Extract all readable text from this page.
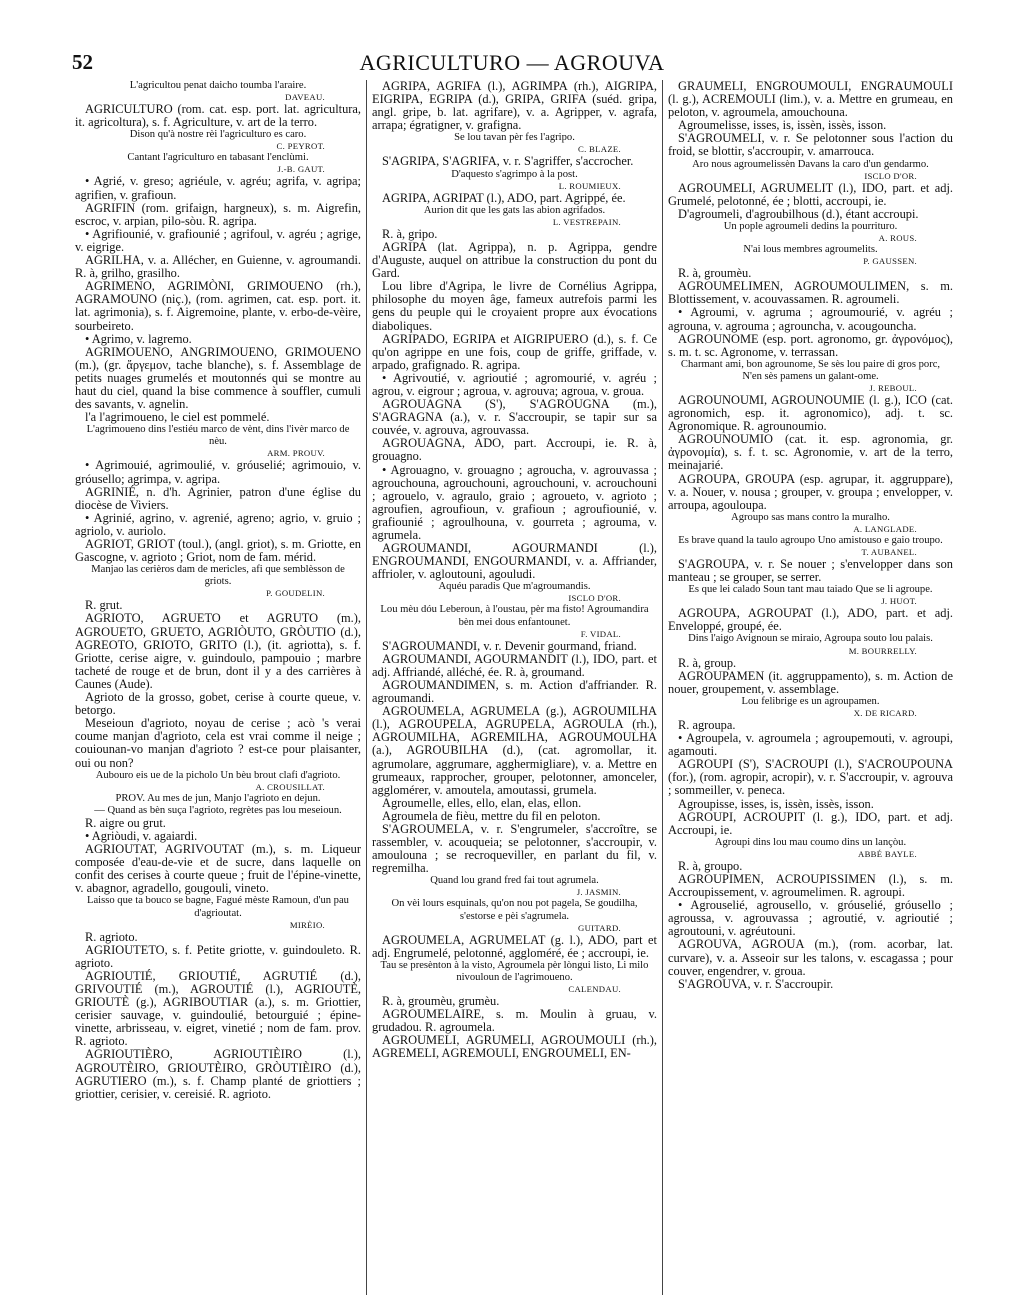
52	AGRICULTURO — AGROUVA

L'agricultou penat daicho toumba l'araire.

DAVEAU.

AGRICULTURO (rom. cat. esp. port. lat. agricultura, it. agricoltura), s. f. Agriculture, v. art de la terro.

Dison qu'à nostre rèi l'agriculturo es caro.

C. PEYROT.

Cantant l'agriculturo en tabasant l'enclùmi.

J.-B. GAUT.

• Agrié, v. greso; agriéule, v. agréu; agrifa, v. agripa; agrifien, v. grafioun.

AGRIFIN (rom. grifaign, hargneux), s. m. Aigrefin, escroc, v. arpian, pilo-sòu. R. agripa.

• Agrifiounié, v. grafiounié ; agrifoul, v. agréu ; agrige, v. eigrige.

AGRILHA, v. a. Allécher, en Guienne, v. agroumandi. R. à, grilho, grasilho.

AGRIMENO, AGRIMÒNI, GRIMOUENO (rh.), AGRAMOUNO (niç.), (rom. agrimen, cat. esp. port. it. lat. agrimonia), s. f. Aigremoine, plante, v. erbo-de-vèire, sourbeireto.

• Agrimo, v. lagremo.

AGRIMOUENO, ANGRIMOUENO, GRIMOUENO (m.), (gr. ἄργεμον, tache blanche), s. f. Assemblage de petits nuages grumelés et moutonnés qui se montre au haut du ciel, quand la bise commence à souffler, cumuli des savants, v. agnelin.

l'a l'agrimoueno, le ciel est pommelé.

L'agrimoueno dins l'estiéu marco de vènt, dins l'ivèr marco de nèu.

ARM. PROUV.

• Agrimouié, agrimoulié, v. gróuselié; agrimouio, v. gróusello; agrimpa, v. agripa.

AGRINIÉ, n. d'h. Agrinier, patron d'une église du diocèse de Viviers.

• Agrinié, agrino, v. agrenié, agreno; agrio, v. gruio ; agriolo, v. auriolo.

AGRIOT, GRIOT (toul.), (angl. griot), s. m. Griotte, en Gascogne, v. agrioto ; Griot, nom de fam. mérid.

Manjao las cerièros dam de mericles, afi que semblèsson de griots.

P. GOUDELIN.

R. grut.

AGRIOTO, AGRUETO et AGRUTO (m.), AGROUETO, GRUETO, AGRIÒUTO, GRÒUTIO (d.), AGREOTO, GRIOTO, GRITO (l.), (it. agriotta), s. f. Griotte, cerise aigre, v. guindoulo, pampouio ; marbre tacheté de rouge et de brun, dont il y a des carrières à Caunes (Aude).

Agrioto de la grosso, gobet, cerise à courte queue, v. betorgo.

Meseioun d'agrioto, noyau de cerise ; acò 's verai coume manjan d'agrioto, cela est vrai comme il neige ; couiounan-vo manjan d'agrioto ? est-ce pour plaisanter, oui ou non?

Aubouro eis ue de la picholo Un bèu brout clafi d'agrioto.

A. CROUSILLAT.

PROV. Au mes de jun, Manjo l'agrioto en dejun.

— Quand as bèn suça l'agrioto, regrètes pas lou meseioun.

R. aigre ou grut.

• Agriòudi, v. agaiardi.

AGRIOUTAT, AGRIVOUTAT (m.), s. m. Liqueur composée d'eau-de-vie et de sucre, dans laquelle on confit des cerises à courte queue ; fruit de l'épine-vinette, v. abagnor, agradello, gougouli, vineto.

Laisso que ta bouco se bagne, Fagué mèste Ramoun, d'un pau d'agrioutat.

MIRÈIO.

R. agrioto.

AGRIOUTETO, s. f. Petite griotte, v. guindouleto. R. agrioto.

AGRIOUTIÉ, GRIOUTIÉ, AGRUTIÉ (d.), GRIVOUTIÉ (m.), AGROUTIÉ (l.), AGRIOUTÈ, GRIOUTÈ (g.), AGRIBOUTIAR (a.), s. m. Griottier, cerisier sauvage, v. guindoulié, betourguié ; épine-vinette, arbrisseau, v. eigret, vinetié ; nom de fam. prov. R. agrioto.

AGRIOUTIÈRO, AGRIOUTIÈIRO (l.), AGROUTÈIRO, GRIOUTÈIRO, GRÒUTIÈIRO (d.), AGRUTIERO (m.), s. f. Champ planté de griottiers ; griottier, cerisier, v. cereisié. R. agrioto.

AGRIPA, AGRIFA (l.), AGRIMPA (rh.), AIGRIPA, EIGRIPA, EGRIPA (d.), GRIPA, GRIFA (suéd. gripa, angl. gripe, b. lat. agrifare), v. a. Agripper, v. agrafa, arrapa; égratigner, v. grafigna.

Se lou tavan pèr fes l'agripo.

C. BLAZE.

S'AGRIPA, S'AGRIFA, v. r. S'agriffer, s'accrocher.

D'aquesto s'agrimpo à la post.

L. ROUMIEUX.

AGRIPA, AGRIPAT (l.), ADO, part. Agrippé, ée.

Aurion dit que les gats las abion agrifados.

L. VESTREPAIN.

R. à, gripo.

AGRIPA (lat. Agrippa), n. p. Agrippa, gendre d'Auguste, auquel on attribue la construction du pont du Gard.

Lou libre d'Agripa, le livre de Cornélius Agrippa, philosophe du moyen âge, fameux autrefois parmi les gens du peuple qui le croyaient propre aux évocations diaboliques.

AGRIPADO, EGRIPA et AIGRIPUERO (d.), s. f. Ce qu'on agrippe en une fois, coup de griffe, griffade, v. arpado, grafignado. R. agripa.

• Agrivoutié, v. agrioutié ; agromourié, v. agréu ; agrou, v. eigrour ; agroua, v. agrouva; agroua, v. groua.

AGROUAGNA (S'), S'AGROUGNA (m.), S'AGRAGNA (a.), v. r. S'accroupir, se tapir sur sa couvée, v. agrouva, agrouvassa.

AGROUAGNA, ADO, part. Accroupi, ie. R. à, grouagno.

• Agrouagno, v. grouagno ; agroucha, v. agrouvassa ; agrouchouna, agrouchouni, agrouchouni, v. acrouchouni ; agrouelo, v. agraulo, graio ; agroueto, v. agrioto ; agroufien, agroufioun, v. grafioun ; agroufiounié, v. grafiounié ; agroulhouna, v. gourreta ; agrouma, v. agrumela.

AGROUMANDI, AGOURMANDI (l.), ENGROUMANDI, ENGOURMANDI, v. a. Affriander, affrioler, v. agloutouni, agouludi.

Aquéu paradis Que m'agroumandis.

ISCLO D'OR.

Lou mèu dóu Leberoun, à l'oustau, pèr ma fisto! Agroumandira bèn mei dous enfantounet.

F. VIDAL.

S'AGROUMANDI, v. r. Devenir gourmand, friand.

AGROUMANDI, AGOURMANDIT (l.), IDO, part. et adj. Affriandé, alléché, ée. R. à, groumand.

AGROUMANDIMEN, s. m. Action d'affriander. R. agroumandi.

AGROUMELA, AGRUMELA (g.), AGROUMILHA (l.), AGROUPELA, AGRUPELA, AGROULA (rh.), AGROUMILHA, AGREMILHA, AGROUMOULHA (a.), AGROUBILHA (d.), (cat. agromollar, it. agrumolare, aggrumare, agghermigliare), v. a. Mettre en grumeaux, rapprocher, grouper, pelotonner, amonceler, agglomérer, v. amoutela, amoutassi, grumela.

Agroumelle, elles, ello, elan, elas, ellon.

Agroumela de fièu, mettre du fil en peloton.

S'AGROUMELA, v. r. S'engrumeler, s'accroître, se rassembler, v. acouqueia; se pelotonner, s'accroupir, v. amoulouna ; se recroqueviller, en parlant du fil, v. regremilha.

Quand lou grand fred fai tout agrumela.

J. JASMIN.

On vèi lours esquinals, qu'on nou pot pagela, Se goudilha, s'estorse e pèi s'agrumela.

GUITARD.

AGROUMELA, AGRUMELAT (g. l.), ADO, part et adj. Engrumelé, pelotonné, aggloméré, ée ; accroupi, ie.

Tau se presènton à la visto, Agroumela pèr lòngui listo, Li milo nivouloun de l'agrimoueno.

CALENDAU.

R. à, groumèu, grumèu.

AGROUMELAIRE, s. m. Moulin à gruau, v. grudadou. R. agroumela.

AGROUMELI, AGRUMELI, AGROUMOULI (rh.), AGREMELI, AGREMOULI, ENGROUMELI, EN-

GRAUMELI, ENGROUMOULI, ENGRAUMOULI (l. g.), ACREMOULI (lim.), v. a. Mettre en grumeau, en peloton, v. agroumela, amouchouna.

Agroumelisse, isses, is, issèn, issès, isson.

S'AGROUMELI, v. r. Se pelotonner sous l'action du froid, se blottir, s'accroupir, v. amarrouca.

Aro nous agroumelissèn Davans la caro d'un gendarmo.

ISCLO D'OR.

AGROUMELI, AGRUMELIT (l.), IDO, part. et adj. Grumelé, pelotonné, ée ; blotti, accroupi, ie.

D'agroumeli, d'agroubilhous (d.), étant accroupi.

Un pople agroumeli dedins la pourrituro.

A. ROUS.

N'ai lous membres agroumelits.

P. GAUSSEN.

R. à, groumèu.

AGROUMELIMEN, AGROUMOULIMEN, s. m. Blottissement, v. acouvassamen. R. agroumeli.

• Agroumi, v. agruma ; agroumourié, v. agréu ; agrouna, v. agrouma ; agrouncha, v. acougouncha.

AGROUNOME (esp. port. agronomo, gr. ἀγρονόμος), s. m. t. sc. Agronome, v. terrassan.

Charmant ami, bon agrounome, Se sès lou paire di gros porc, N'en sès pamens un galant-ome.

J. REBOUL.

AGROUNOUMI, AGROUNOUMIE (l. g.), ICO (cat. agronomich, esp. it. agronomico), adj. t. sc. Agronomique. R. agrounoumio.

AGROUNOUMIO (cat. it. esp. agronomia, gr. ἀγρονομία), s. f. t. sc. Agronomie, v. art de la terro, meinajarié.

AGROUPA, GROUPA (esp. agrupar, it. aggruppare), v. a. Nouer, v. nousa ; grouper, v. groupa ; envelopper, v. arroupa, agouloupa.

Agroupo sas mans contro la muralho.

A. LANGLADE.

Es brave quand la taulo agroupo Uno amistouso e gaio troupo.

T. AUBANEL.

S'AGROUPA, v. r. Se nouer ; s'envelopper dans son manteau ; se grouper, se serrer.

Es que lei calado Soun tant mau taiado Que se li agroupe.

J. HUOT.

AGROUPA, AGROUPAT (l.), ADO, part. et adj. Enveloppé, groupé, ée.

Dins l'aigo Avignoun se miraio, Agroupa souto lou palais.

M. BOURRELLY.

R. à, group.

AGROUPAMEN (it. aggruppamento), s. m. Action de nouer, groupement, v. assemblage.

Lou felibrige es un agroupamen.

X. DE RICARD.

R. agroupa.

• Agroupela, v. agroumela ; agroupemouti, v. agroupi, agamouti.

AGROUPI (S'), S'ACROUPI (l.), S'ACROUPOUNA (for.), (rom. agropir, acropir), v. r. S'accroupir, v. agrouva ; sommeiller, v. peneca.

Agroupisse, isses, is, issèn, issès, isson.

AGROUPI, ACROUPIT (l. g.), IDO, part. et adj. Accroupi, ie.

Agroupi dins lou mau coumo dins un lançòu.

ABBÉ BAYLE.

R. à, groupo.

AGROUPIMEN, ACROUPISSIMEN (l.), s. m. Accroupissement, v. agroumelimen. R. agroupi.

• Agrouselié, agrousello, v. gróuselié, gróusello ; agroussa, v. agrouvassa ; agroutié, v. agrioutié ; agroutouni, v. agréutouni.

AGROUVA, AGROUA (m.), (rom. acorbar, lat. curvare), v. a. Asseoir sur les talons, v. escagassa ; pour couver, engendrer, v. groua.

S'AGROUVA, v. r. S'accroupir.
